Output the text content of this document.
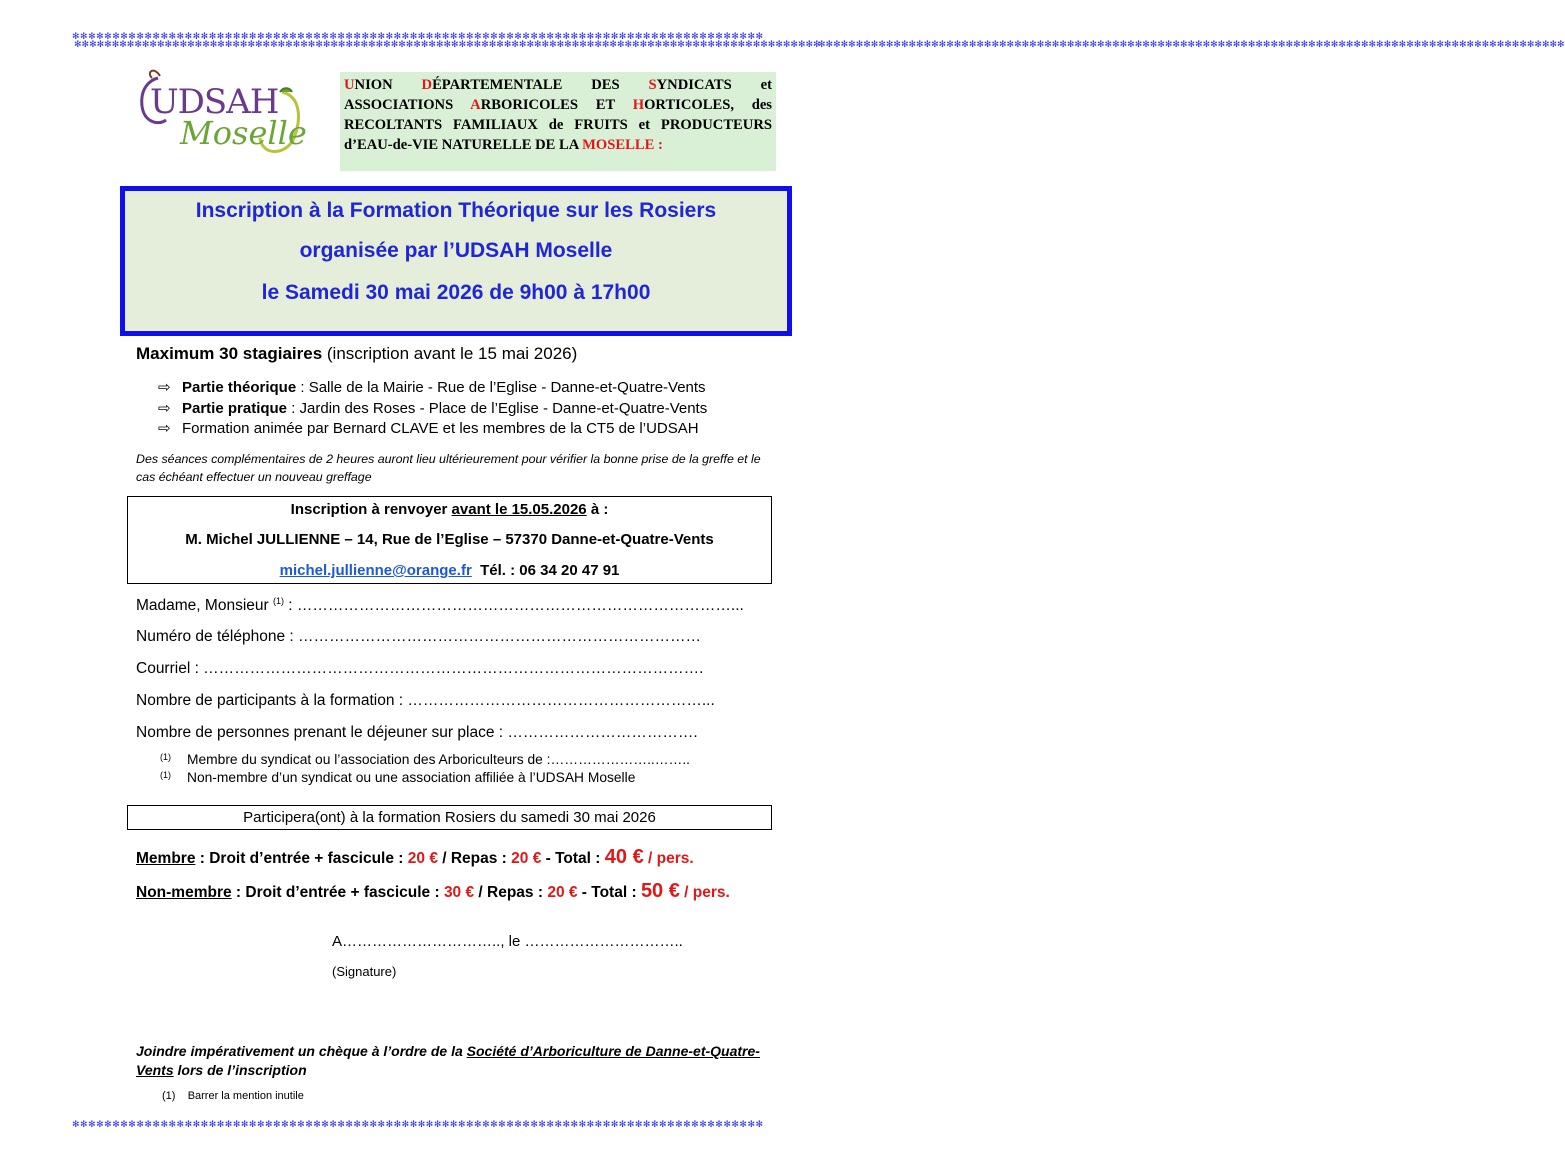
✻✻✻✻✻✻✻✻✻✻✻✻✻✻✻✻✻✻✻✻✻✻✻✻✻✻✻✻✻✻✻✻✻✻✻✻✻✻✻✻✻✻✻✻✻✻✻✻✻✻✻✻✻✻✻✻✻✻✻✻✻✻✻✻✻✻✻✻✻✻✻✻✻✻✻✻✻✻✻✻✻✻✻✻✻✻
✻✻✻✻✻✻✻✻✻✻✻✻✻✻✻✻✻✻✻✻✻✻✻✻✻✻✻✻✻✻✻✻✻✻✻✻✻✻✻✻✻✻✻✻✻✻✻✻✻✻✻✻✻✻✻✻✻✻✻✻✻✻✻✻✻✻✻✻✻✻✻✻✻✻✻✻✻✻✻✻✻✻✻✻✻✻
✻✻✻✻✻✻✻✻✻✻✻✻✻✻✻✻✻✻✻✻✻✻✻✻✻✻✻✻✻✻✻✻✻✻✻✻✻✻✻✻✻✻✻✻✻✻✻✻✻✻✻✻✻✻✻✻✻✻✻✻✻✻✻✻✻✻✻✻✻✻✻✻✻✻✻✻✻✻✻✻✻✻✻✻✻✻✻✻✻✻✻✻✻✻✻✻✻✻✻
✻✻✻✻✻✻✻✻✻✻✻✻✻✻✻✻✻✻✻✻✻✻✻✻✻✻✻✻✻✻✻✻✻✻✻✻✻✻✻✻✻✻✻✻✻✻✻✻✻✻✻✻✻✻✻✻✻✻✻✻✻✻✻✻✻✻✻✻✻✻✻✻✻✻✻✻✻✻✻✻✻✻✻✻✻✻✻✻✻✻✻✻✻✻✻✻✻✻✻
UDSAH
Moselle
UNION DÉPARTEMENTALE DES SYNDICATS et ASSOCIATIONS ARBORICOLES ET HORTICOLES, des RECOLTANTS FAMILIAUX de FRUITS et PRODUCTEURS d’EAU-de-VIE NATURELLE DE LA MOSELLE :
Inscription à la Formation Théorique sur les Rosiers
organisée par l’UDSAH Moselle
le Samedi 30 mai 2026 de 9h00 à 17h00
Maximum 30 stagiaires (inscription avant le 15 mai 2026)
⇨ Partie théorique : Salle de la Mairie - Rue de l’Eglise - Danne-et-Quatre-Vents
⇨ Partie pratique : Jardin des Roses - Place de l’Eglise - Danne-et-Quatre-Vents
⇨ Formation animée par Bernard CLAVE et les membres de la CT5 de l’UDSAH
Des séances complémentaires de 2 heures auront lieu ultérieurement pour vérifier la bonne prise de la greffe et le cas échéant effectuer un nouveau greffage
Inscription à renvoyer avant le 15.05.2026 à :
M. Michel JULLIENNE – 14, Rue de l’Eglise – 57370 Danne-et-Quatre-Vents
michel.jullienne@orange.fr Tél. : 06 34 20 47 91
Madame, Monsieur $^{(1)}$ : …………………………………………………………………………...
Numéro de téléphone : ……………………………………………………………………
Courriel : …………………………………………………………………………………….
Nombre de participants à la formation : …………………………………………………...
Nombre de personnes prenant le déjeuner sur place : ……………………………….
$^{(1)}$ Membre du syndicat ou l’association des Arboriculteurs de :…………………..……..
$^{(1)}$ Non-membre d’un syndicat ou une association affiliée à l’UDSAH Moselle
Participera(ont) à la formation Rosiers du samedi 30 mai 2026
Membre : Droit d’entrée + fascicule : 20 € / Repas : 20 € - Total : 40 € / pers.
Non-membre : Droit d’entrée + fascicule : 30 € / Repas : 20 € - Total : 50 € / pers.
A………………………….., le …………………………..
(Signature)
Joindre impérativement un chèque à l’ordre de la Société d’Arboriculture de Danne-et-Quatre-Vents lors de l’inscription
(1) Barrer la mention inutile
